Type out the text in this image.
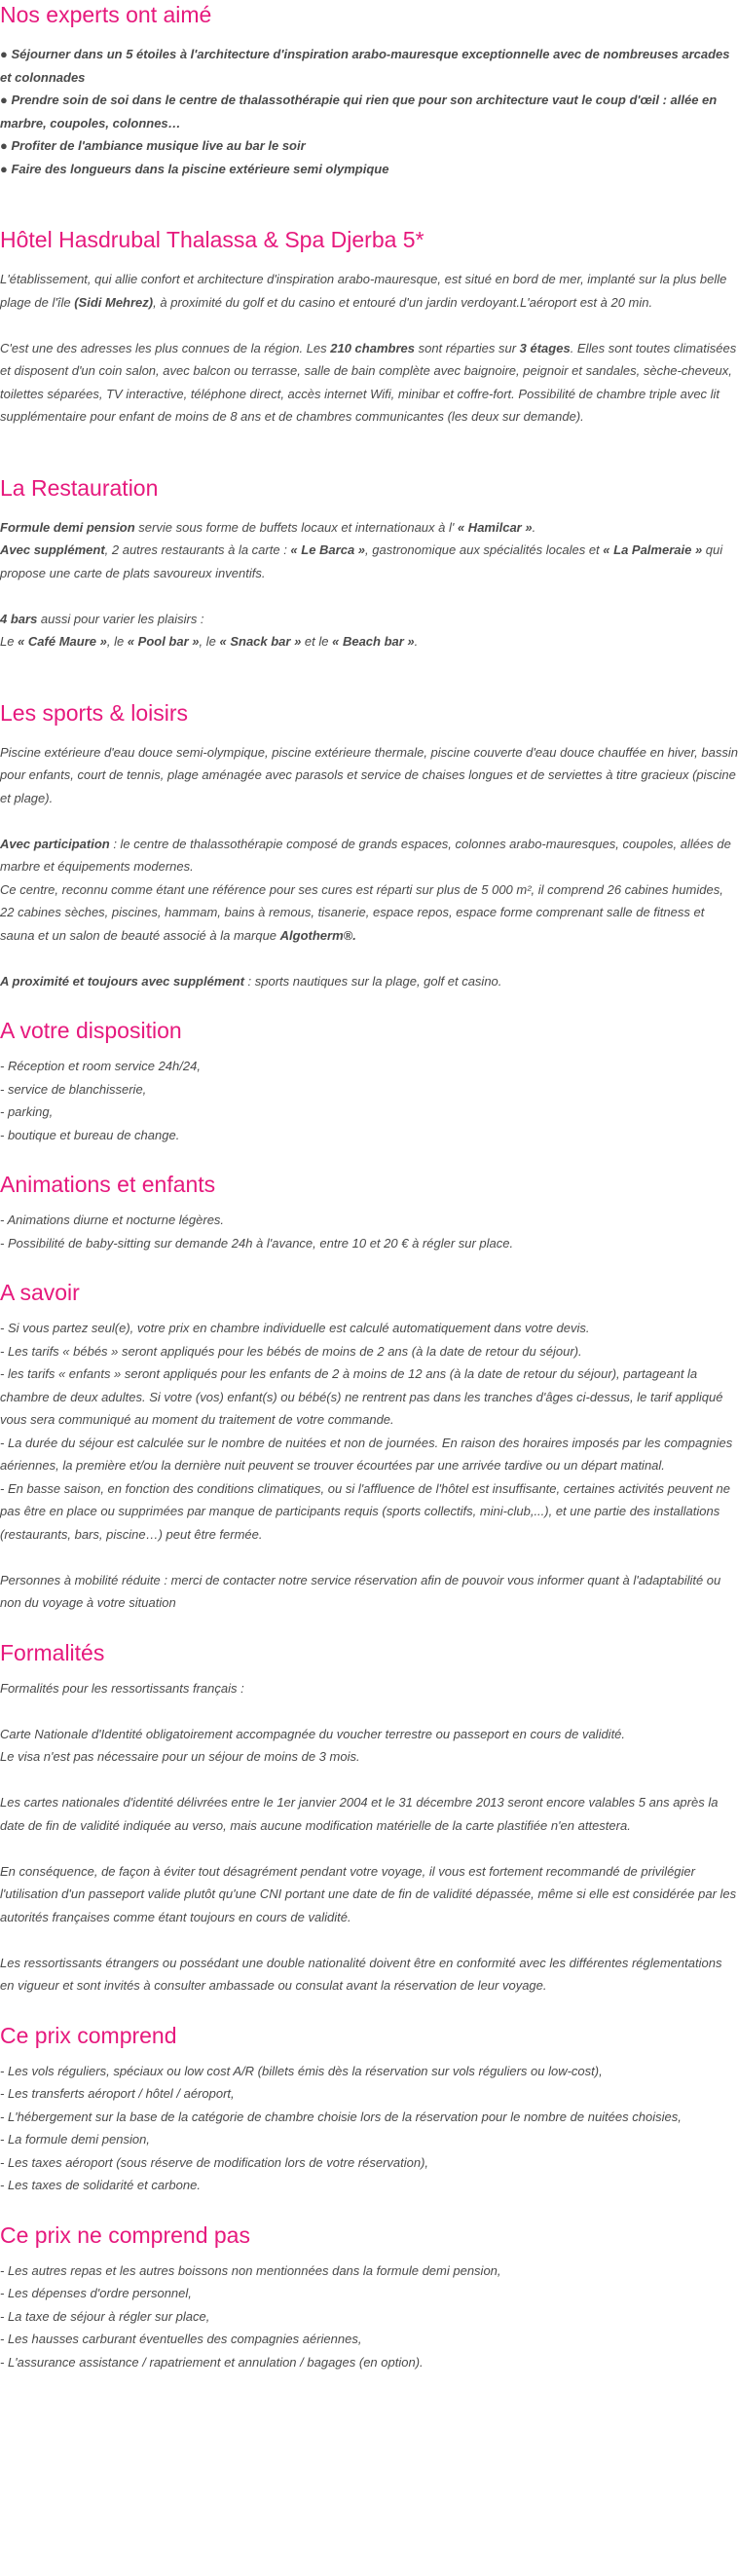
Nos experts ont aimé

● Séjourner dans un 5 étoiles à l'architecture d'inspiration arabo-mauresque exceptionnelle avec de nombreuses arcades et colonnades

● Prendre soin de soi dans le centre de thalassothérapie qui rien que pour son architecture vaut le coup d'œil : allée en marbre, coupoles, colonnes…

● Profiter de l'ambiance musique live au bar le soir

● Faire des longueurs dans la piscine extérieure semi olympique

Hôtel Hasdrubal Thalassa & Spa Djerba 5*

L'établissement, qui allie confort et architecture d'inspiration arabo-mauresque, est situé en bord de mer, implanté sur la plus belle plage de l'île (Sidi Mehrez), à proximité du golf et du casino et entouré d'un jardin verdoyant.L'aéroport est à 20 min.

C'est une des adresses les plus connues de la région. Les 210 chambres sont réparties sur 3 étages. Elles sont toutes climatisées et disposent d'un coin salon, avec balcon ou terrasse, salle de bain complète avec baignoire, peignoir et sandales, sèche-cheveux, toilettes séparées, TV interactive, téléphone direct, accès internet Wifi, minibar et coffre-fort. Possibilité de chambre triple avec lit supplémentaire pour enfant de moins de 8 ans et de chambres communicantes (les deux sur demande).

La Restauration

Formule demi pension servie sous forme de buffets locaux et internationaux à l' « Hamilcar ».

Avec supplément, 2 autres restaurants à la carte : « Le Barca », gastronomique aux spécialités locales et « La Palmeraie » qui propose une carte de plats savoureux inventifs.

4 bars aussi pour varier les plaisirs :

Le « Café Maure », le « Pool bar », le « Snack bar » et le « Beach bar ».

Les sports & loisirs

Piscine extérieure d'eau douce semi-olympique, piscine extérieure thermale, piscine couverte d'eau douce chauffée en hiver, bassin pour enfants, court de tennis, plage aménagée avec parasols et service de chaises longues et de serviettes à titre gracieux (piscine et plage).

Avec participation : le centre de thalassothérapie composé de grands espaces, colonnes arabo-mauresques, coupoles, allées de marbre et équipements modernes.

Ce centre, reconnu comme étant une référence pour ses cures est réparti sur plus de 5 000 m², il comprend 26 cabines humides, 22 cabines sèches, piscines, hammam, bains à remous, tisanerie, espace repos, espace forme comprenant salle de fitness et sauna et un salon de beauté associé à la marque Algotherm®.

A proximité et toujours avec supplément : sports nautiques sur la plage, golf et casino.

A votre disposition

- Réception et room service 24h/24,

- service de blanchisserie,

- parking,

- boutique et bureau de change.

Animations et enfants

- Animations diurne et nocturne légères.

- Possibilité de baby-sitting sur demande 24h à l'avance, entre 10 et 20 € à régler sur place.

A savoir

- Si vous partez seul(e), votre prix en chambre individuelle est calculé automatiquement dans votre devis.

- Les tarifs « bébés » seront appliqués pour les bébés de moins de 2 ans (à la date de retour du séjour).

- les tarifs « enfants » seront appliqués pour les enfants de 2 à moins de 12 ans (à la date de retour du séjour), partageant la chambre de deux adultes. Si votre (vos) enfant(s) ou bébé(s) ne rentrent pas dans les tranches d'âges ci-dessus, le tarif appliqué vous sera communiqué au moment du traitement de votre commande.

- La durée du séjour est calculée sur le nombre de nuitées et non de journées. En raison des horaires imposés par les compagnies aériennes, la première et/ou la dernière nuit peuvent se trouver écourtées par une arrivée tardive ou un départ matinal.

- En basse saison, en fonction des conditions climatiques, ou si l'affluence de l'hôtel est insuffisante, certaines activités peuvent ne pas être en place ou supprimées par manque de participants requis (sports collectifs, mini-club,...), et une partie des installations (restaurants, bars, piscine…) peut être fermée.

Personnes à mobilité réduite : merci de contacter notre service réservation afin de pouvoir vous informer quant à l'adaptabilité ou non du voyage à votre situation

Formalités

Formalités pour les ressortissants français :

Carte Nationale d'Identité obligatoirement accompagnée du voucher terrestre ou passeport en cours de validité.

Le visa n'est pas nécessaire pour un séjour de moins de 3 mois.

Les cartes nationales d'identité délivrées entre le 1er janvier 2004 et le 31 décembre 2013 seront encore valables 5 ans après la date de fin de validité indiquée au verso, mais aucune modification matérielle de la carte plastifiée n'en attestera.

En conséquence, de façon à éviter tout désagrément pendant votre voyage, il vous est fortement recommandé de privilégier l'utilisation d'un passeport valide plutôt qu'une CNI portant une date de fin de validité dépassée, même si elle est considérée par les autorités françaises comme étant toujours en cours de validité.

Les ressortissants étrangers ou possédant une double nationalité doivent être en conformité avec les différentes réglementations en vigueur et sont invités à consulter ambassade ou consulat avant la réservation de leur voyage.

Ce prix comprend

- Les vols réguliers, spéciaux ou low cost A/R (billets émis dès la réservation sur vols réguliers ou low-cost),

- Les transferts aéroport / hôtel / aéroport,

- L'hébergement sur la base de la catégorie de chambre choisie lors de la réservation pour le nombre de nuitées choisies,

- La formule demi pension,

- Les taxes aéroport (sous réserve de modification lors de votre réservation),

- Les taxes de solidarité et carbone.

Ce prix ne comprend pas

- Les autres repas et les autres boissons non mentionnées dans la formule demi pension,

- Les dépenses d'ordre personnel,

- La taxe de séjour à régler sur place,

- Les hausses carburant éventuelles des compagnies aériennes,

- L'assurance assistance / rapatriement et annulation / bagages (en option).
